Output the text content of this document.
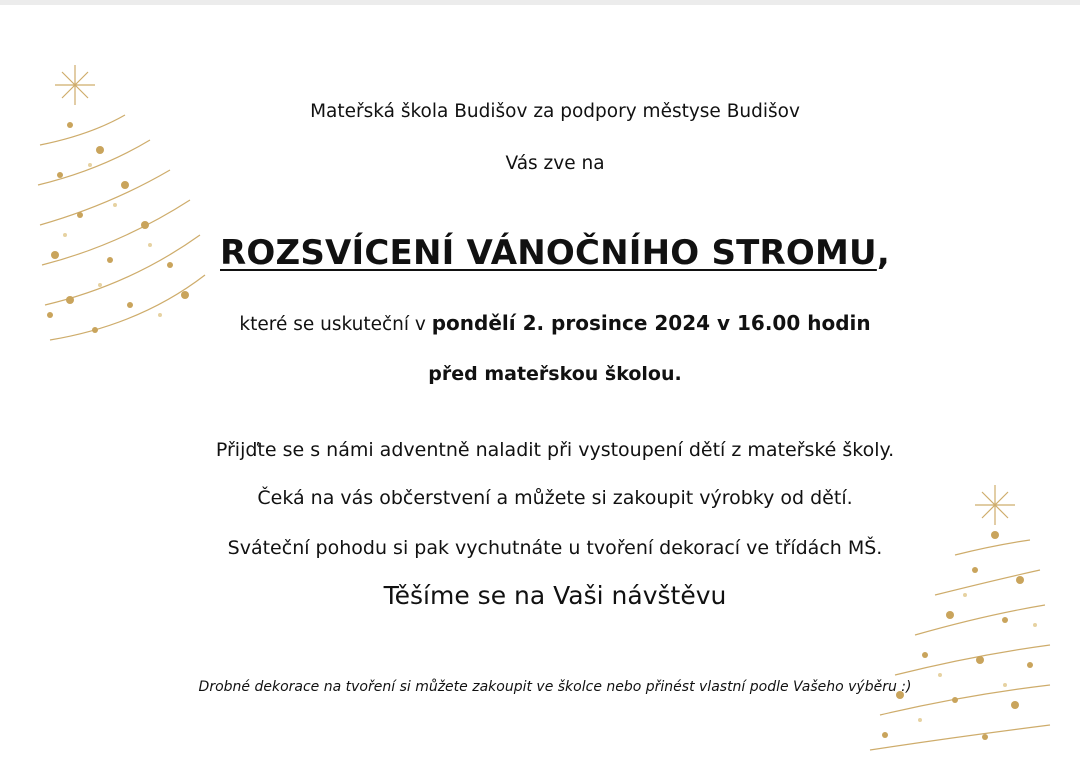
Mateřská škola Budišov za podpory městyse Budišov
Vás zve na
ROZSVÍCENÍ VÁNOČNÍHO STROMU,
které se uskuteční v pondělí 2. prosince 2024 v 16.00 hodin
před mateřskou školou.
Přijďte se s námi adventně naladit při vystoupení dětí z mateřské školy.
Čeká na vás občerstvení a můžete si zakoupit výrobky od dětí.
Sváteční pohodu si pak vychutnáte u tvoření dekorací ve třídách MŠ.
Těšíme se na Vaši návštěvu
Drobné dekorace na tvoření si můžete zakoupit ve školce nebo přinést vlastní podle Vašeho výběru :)
